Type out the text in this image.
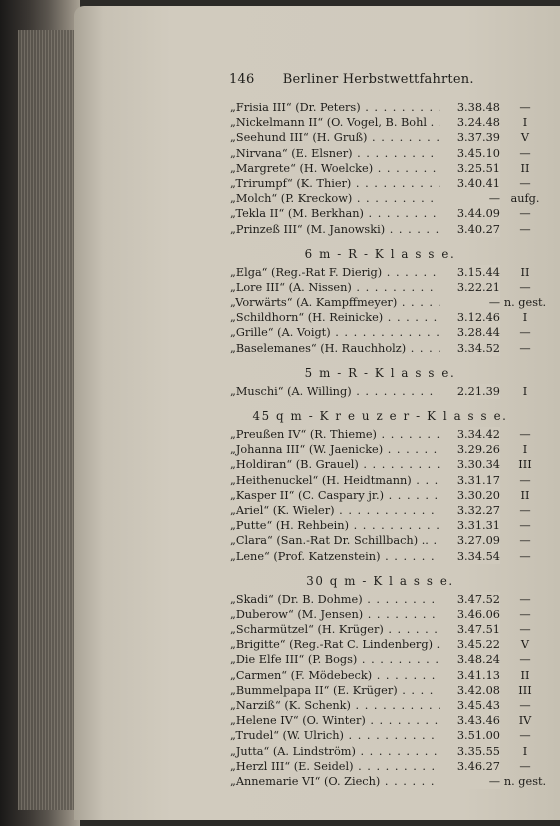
146 Berliner Herbstwettfahrten.
„Frisia III“ (Dr. Peters) . . .	3.38.48	—
„Nickelmann II“ (O. Vogel, B. Bohl . . . .	3.24.48	I
„Seehund III“ (H. Gruß) . . .	3.37.39	V
„Nirvana“ (E. Elsner) . . .	3.45.10	—
„Margrete“ (H. Woelcke) . . .	3.25.51	II
„Trirumpf“ (K. Thier) . . .	3.40.41	—
„Molch“ (P. Kreckow) . . .	— aufg.
„Tekla II“ (M. Berkhan) . . .	3.44.09	—
„Prinzeß III“ (M. Janowski) . . .	3.40.27	—
6 m - R - K l a s s e.
„Elga“ (Reg.-Rat F. Dierig) . . .	3.15.44	II
„Lore III“ (A. Nissen) . . .	3.22.21	—
„Vorwärts“ (A. Kampffmeyer) . . .	— n. gest.
„Schildhorn“ (H. Reinicke) . . .	3.12.46	I
„Grille“ (A. Voigt) . . .	3.28.44	—
„Baselemanes“ (H. Rauchholz) . . .	3.34.52	—
5 m - R - K l a s s e.
„Muschi“ (A. Willing) . . .	2.21.39	I
45 q m - K r e u z e r - K l a s s e.
„Preußen IV“ (R. Thieme) . . .	3.34.42	—
„Johanna III“ (W. Jaenicke) . . .	3.29.26	I
„Holdiran“ (B. Grauel) . . .	3.30.34	III
„Heithenuckel“ (H. Heidtmann) . . .	3.31.17	—
„Kasper II“ (C. Caspary jr.) . . .	3.30.20	II
„Ariel“ (K. Wieler) . . .	3.32.27	—
„Putte“ (H. Rehbein) . . .	3.31.31	—
„Clara“ (San.-Rat Dr. Schillbach) .. . . .	3.27.09	—
„Lene“ (Prof. Katzenstein) . . .	3.34.54	—
30 q m - K l a s s e.
„Skadi“ (Dr. B. Dohme) . . .	3.47.52	—
„Duberow“ (M. Jensen) . . .	3.46.06	—
„Scharmützel“ (H. Krüger) . . .	3.47.51	—
„Brigitte“ (Reg.-Rat C. Lindenberg) . . . .	3.45.22	V
„Die Elfe III“ (P. Bogs) . . .	3.48.24	—
„Carmen“ (F. Mödebeck) . . .	3.41.13	II
„Bummelpapa II“ (E. Krüger) . . .	3.42.08	III
„Narziß“ (K. Schenk) . . .	3.45.43	—
„Helene IV“ (O. Winter) . . .	3.43.46	IV
„Trudel“ (W. Ulrich) . . .	3.51.00	—
„Jutta“ (A. Lindström) . . .	3.35.55	I
„Herzl III“ (E. Seidel) . . .	3.46.27	—
„Annemarie VI“ (O. Ziech) . . .	— n. gest.
